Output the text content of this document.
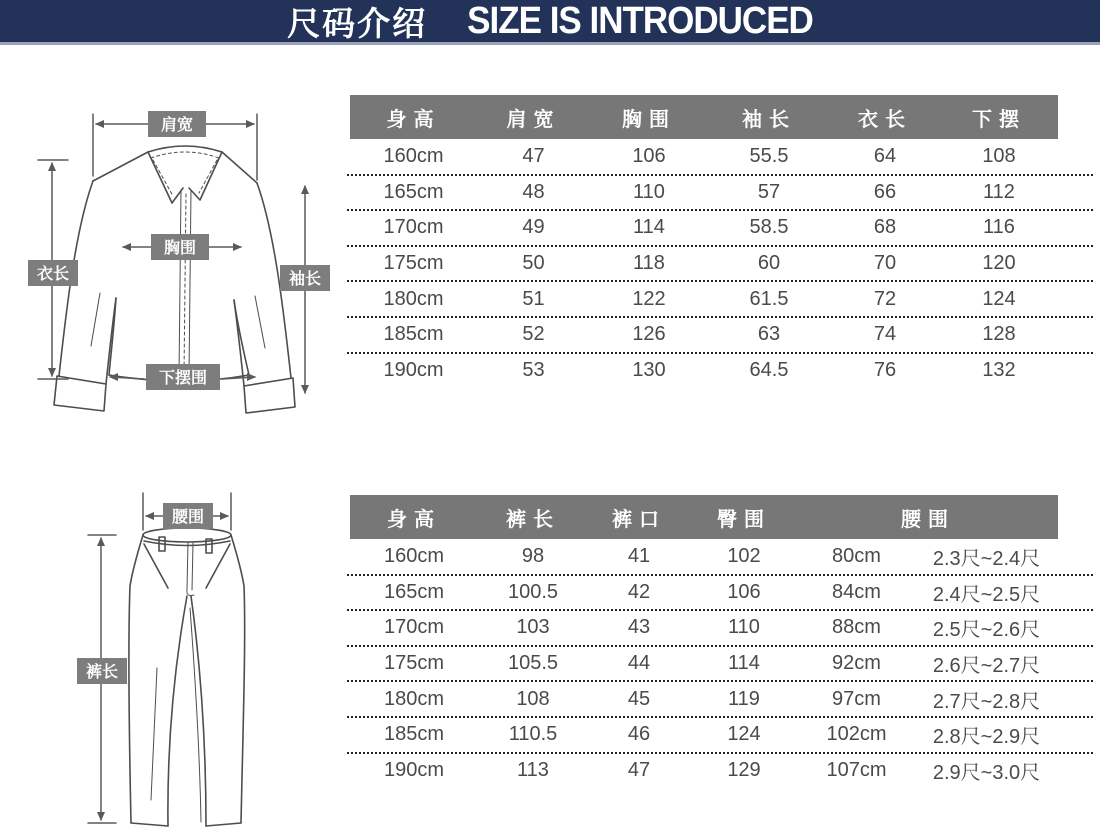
尺码介绍 SIZE IS INTRODUCED
肩宽
胸围
衣长	袖长
下摆围
腰围
裤长
身高	肩宽	胸围	袖长	衣长	下摆
160cm	47	106	55.5	64	108
165cm	48	110	57	66	112
170cm	49	114	58.5	68	116
175cm	50	118	60	70	120
180cm	51	122	61.5	72	124
185cm	52	126	63	74	128
190cm	53	130	64.5	76	132
身高	裤长	裤口	臀围	腰围
160cm	98	41	102	80cm	2.3尺~2.4尺
165cm	100.5	42	106	84cm	2.4尺~2.5尺
170cm	103	43	110	88cm	2.5尺~2.6尺
175cm	105.5	44	114	92cm	2.6尺~2.7尺
180cm	108	45	119	97cm	2.7尺~2.8尺
185cm	110.5	46	124	102cm	2.8尺~2.9尺
190cm	113	47	129	107cm	2.9尺~3.0尺
